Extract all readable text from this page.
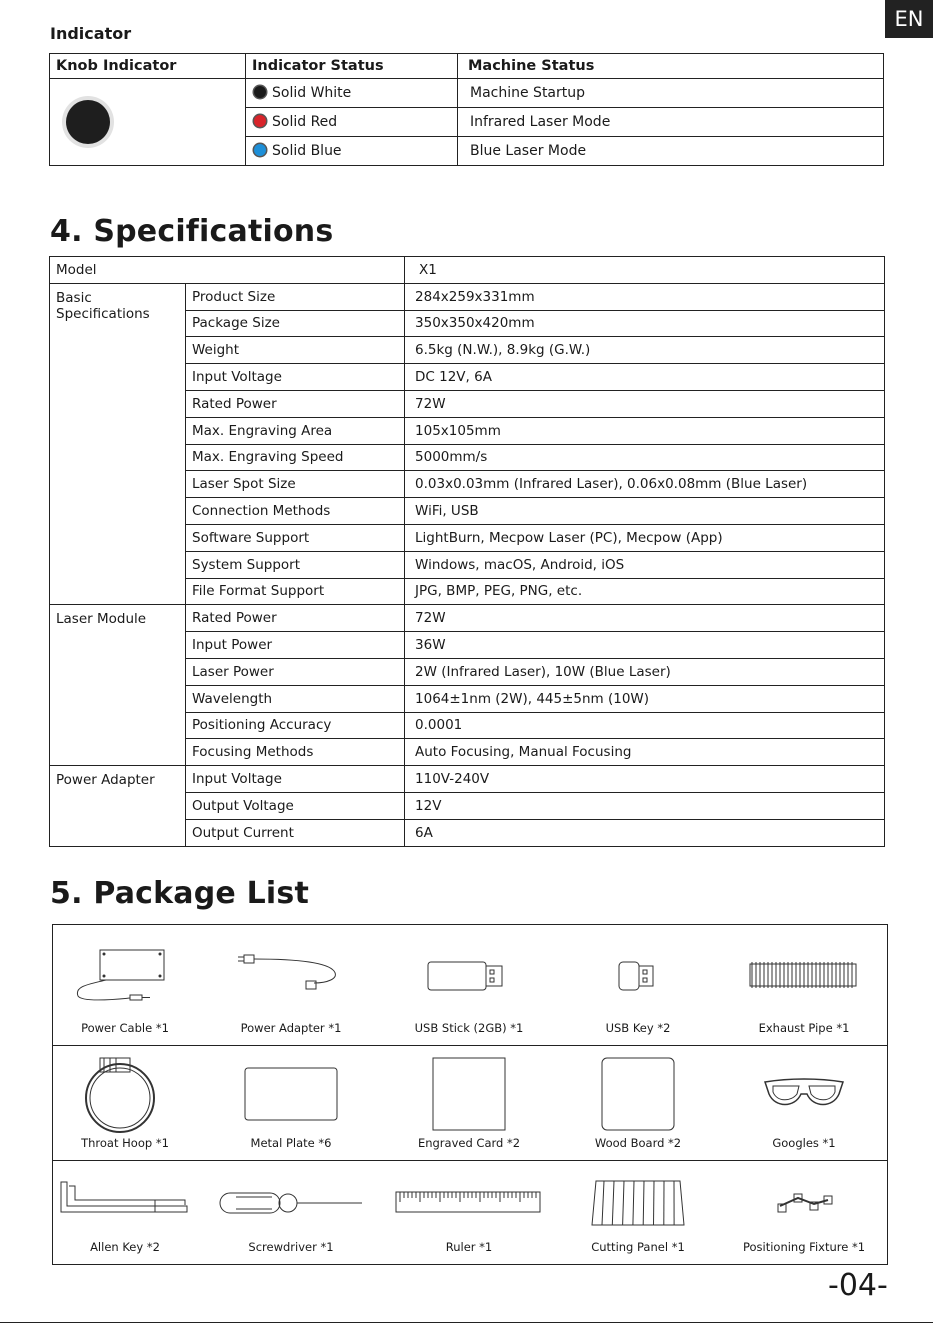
EN
Indicator
Knob Indicator	Indicator Status	Machine Status

	Solid White	Machine Startup
	Solid Red	Infrared Laser Mode
	Solid Blue	Blue Laser Mode
4. Specifications
Model		X1
Basic Specifications	Product Size	284x259x331mm
	Package Size	350x350x420mm
	Weight	6.5kg (N.W.), 8.9kg (G.W.)
	Input Voltage	DC 12V, 6A
	Rated Power	72W
	Max. Engraving Area	105x105mm
	Max. Engraving Speed	5000mm/s
	Laser Spot Size	0.03x0.03mm (Infrared Laser), 0.06x0.08mm (Blue Laser)
	Connection Methods	WiFi, USB
	Software Support	LightBurn, Mecpow Laser (PC), Mecpow (App)
	System Support	Windows, macOS, Android, iOS
	File Format Support	JPG, BMP, PEG, PNG, etc.
Laser Module	Rated Power	72W
	Input Power	36W
	Laser Power	2W (Infrared Laser), 10W (Blue Laser)
	Wavelength	1064±1nm (2W), 445±5nm (10W)
	Positioning Accuracy	0.0001
	Focusing Methods	Auto Focusing, Manual Focusing
Power Adapter	Input Voltage	110V-240V
	Output Voltage	12V
	Output Current	6A
5. Package List
Power Cable *1	Power Adapter *1	USB Stick (2GB) *1	USB Key *2	Exhaust Pipe *1
Throat Hoop *1	Metal Plate *6	Engraved Card *2	Wood Board *2	Googles *1
Allen Key *2	Screwdriver *1	Ruler *1	Cutting Panel *1	Positioning Fixture *1
-04-
